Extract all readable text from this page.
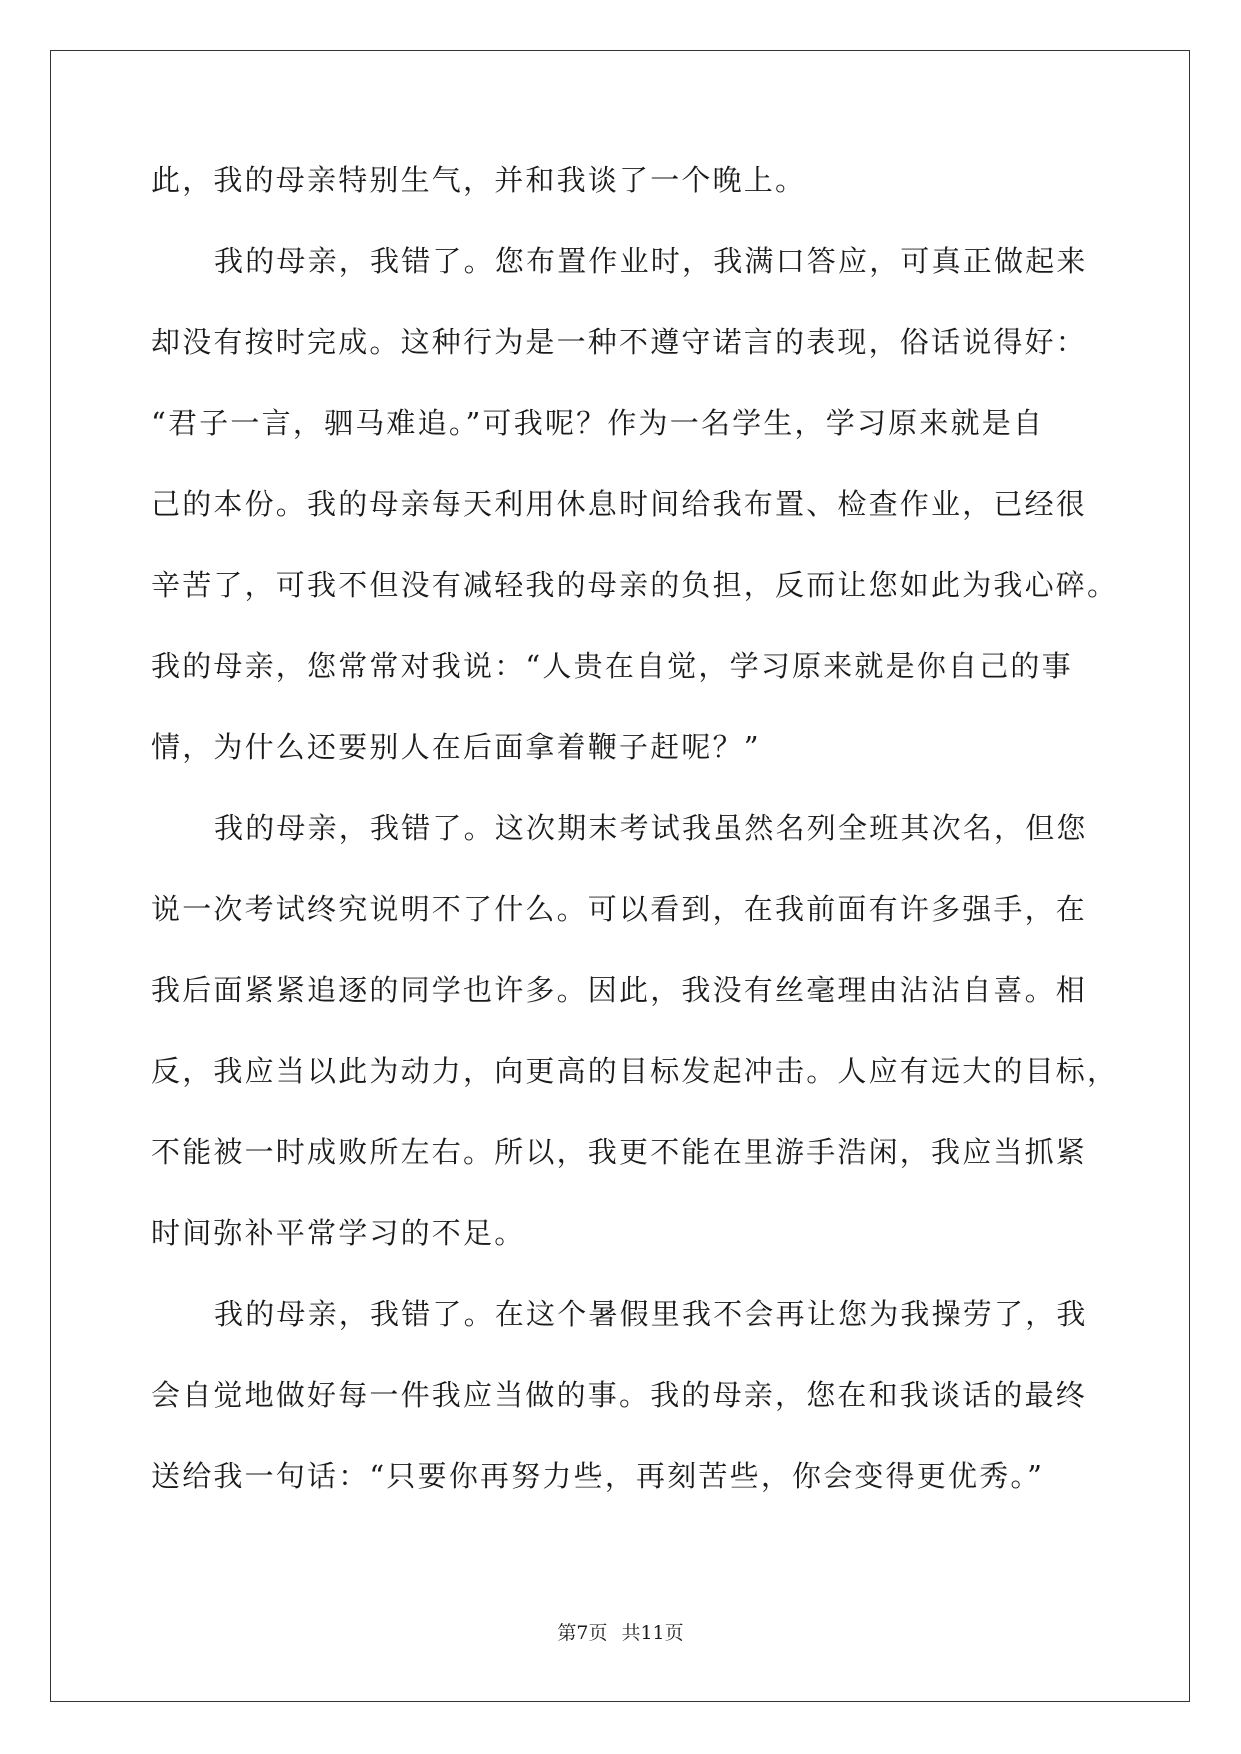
此，我的母亲特别生气，并和我谈了一个晚上。
我的母亲，我错了。您布置作业时，我满口答应，可真正做起来
却没有按时完成。这种行为是一种不遵守诺言的表现，俗话说得好：
“君子一言，驷马难追。”可我呢？作为一名学生，学习原来就是自
己的本份。我的母亲每天利用休息时间给我布置、检查作业，已经很
辛苦了，可我不但没有减轻我的母亲的负担，反而让您如此为我心碎。
我的母亲，您常常对我说：“人贵在自觉，学习原来就是你自己的事
情，为什么还要别人在后面拿着鞭子赶呢？”
我的母亲，我错了。这次期末考试我虽然名列全班其次名，但您
说一次考试终究说明不了什么。可以看到，在我前面有许多强手，在
我后面紧紧追逐的同学也许多。因此，我没有丝毫理由沾沾自喜。相
反，我应当以此为动力，向更高的目标发起冲击。人应有远大的目标，
不能被一时成败所左右。所以，我更不能在里游手浩闲，我应当抓紧
时间弥补平常学习的不足。
我的母亲，我错了。在这个暑假里我不会再让您为我操劳了，我
会自觉地做好每一件我应当做的事。我的母亲，您在和我谈话的最终
送给我一句话：“只要你再努力些，再刻苦些，你会变得更优秀。”
第7页 共11页
